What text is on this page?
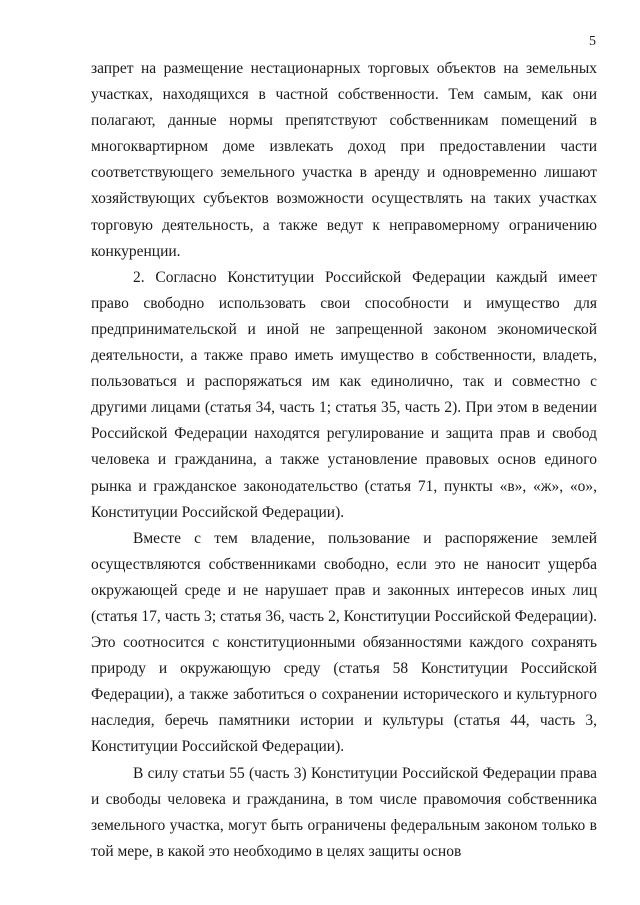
5

запрет на размещение нестационарных торговых объектов на земельных участках, находящихся в частной собственности. Тем самым, как они полагают, данные нормы препятствуют собственникам помещений в многоквартирном доме извлекать доход при предоставлении части соответствующего земельного участка в аренду и одновременно лишают хозяйствующих субъектов возможности осуществлять на таких участках торговую деятельность, а также ведут к неправомерному ограничению конкуренции.

2. Согласно Конституции Российской Федерации каждый имеет право свободно использовать свои способности и имущество для предпринимательской и иной не запрещенной законом экономической деятельности, а также право иметь имущество в собственности, владеть, пользоваться и распоряжаться им как единолично, так и совместно с другими лицами (статья 34, часть 1; статья 35, часть 2). При этом в ведении Российской Федерации находятся регулирование и защита прав и свобод человека и гражданина, а также установление правовых основ единого рынка и гражданское законодательство (статья 71, пункты «в», «ж», «о», Конституции Российской Федерации).

Вместе с тем владение, пользование и распоряжение землей осуществляются собственниками свободно, если это не наносит ущерба окружающей среде и не нарушает прав и законных интересов иных лиц (статья 17, часть 3; статья 36, часть 2, Конституции Российской Федерации). Это соотносится с конституционными обязанностями каждого сохранять природу и окружающую среду (статья 58 Конституции Российской Федерации), а также заботиться о сохранении исторического и культурного наследия, беречь памятники истории и культуры (статья 44, часть 3, Конституции Российской Федерации).

В силу статьи 55 (часть 3) Конституции Российской Федерации права и свободы человека и гражданина, в том числе правомочия собственника земельного участка, могут быть ограничены федеральным законом только в той мере, в какой это необходимо в целях защиты основ
